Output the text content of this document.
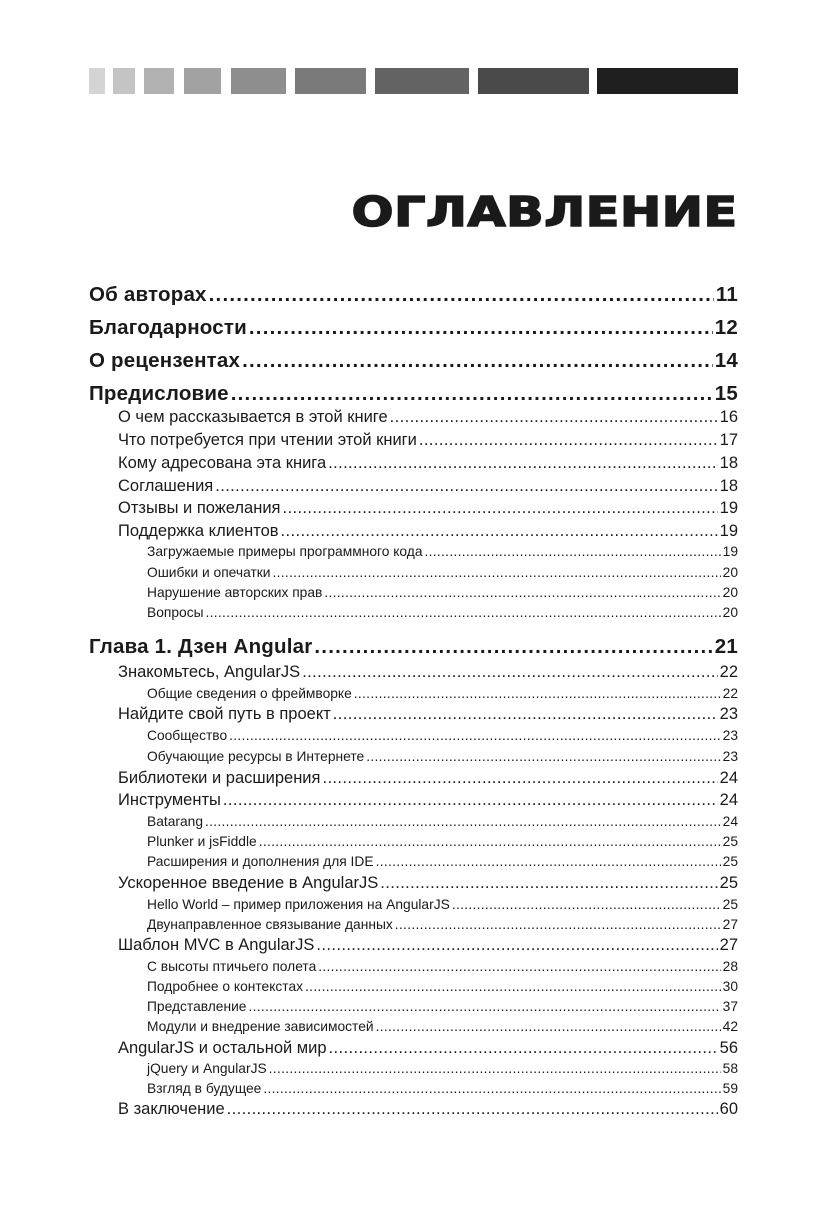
ОГЛАВЛЕНИЕ
Об авторах .....	11
Благодарности .....	12
О рецензентах .....	14
Предисловие .....	15
О чем рассказывается в этой книге .....	16
Что потребуется при чтении этой книги .....	17
Кому адресована эта книга .....	18
Соглашения .....	18
Отзывы и пожелания .....	19
Поддержка клиентов .....	19
Загружаемые примеры программного кода .....	19
Ошибки и опечатки .....	20
Нарушение авторских прав .....	20
Вопросы .....	20
Глава 1. Дзен Angular .....	21
Знакомьтесь, AngularJS .....	22
Общие сведения о фреймворке .....	22
Найдите свой путь в проект .....	23
Сообщество .....	23
Обучающие ресурсы в Интернете .....	23
Библиотеки и расширения .....	24
Инструменты .....	24
Batarang .....	24
Plunker и jsFiddle .....	25
Расширения и дополнения для IDE .....	25
Ускоренное введение в AngularJS .....	25
Hello World – пример приложения на AngularJS .....	25
Двунаправленное связывание данных .....	27
Шаблон MVC в AngularJS .....	27
С высоты птичьего полета .....	28
Подробнее о контекстах .....	30
Представление .....	37
Модули и внедрение зависимостей .....	42
AngularJS и остальной мир .....	56
jQuery и AngularJS .....	58
Взгляд в будущее .....	59
В заключение .....	60
